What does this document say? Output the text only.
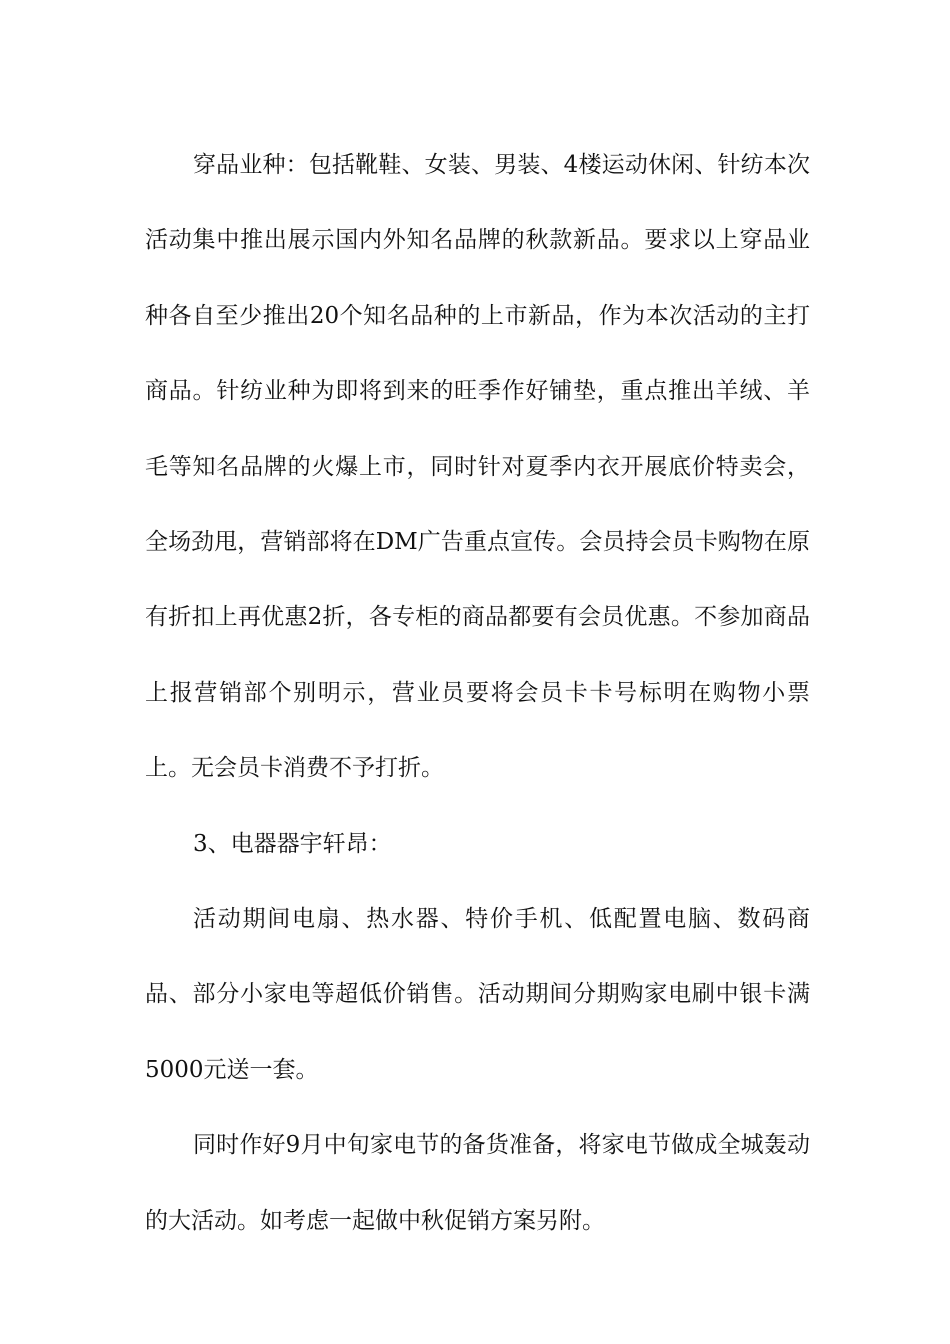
穿品业种：包括靴鞋、女装、男装、4楼运动休闲、针纺本次活动集中推出展示国内外知名品牌的秋款新品。要求以上穿品业种各自至少推出20个知名品种的上市新品，作为本次活动的主打商品。针纺业种为即将到来的旺季作好铺垫，重点推出羊绒、羊毛等知名品牌的火爆上市，同时针对夏季内衣开展底价特卖会，全场劲甩，营销部将在DM广告重点宣传。会员持会员卡购物在原有折扣上再优惠2折，各专柜的商品都要有会员优惠。不参加商品上报营销部个别明示，营业员要将会员卡卡号标明在购物小票上。无会员卡消费不予打折。

3、电器器宇轩昂：

活动期间电扇、热水器、特价手机、低配置电脑、数码商品、部分小家电等超低价销售。活动期间分期购家电刷中银卡满5000元送一套。

同时作好9月中旬家电节的备货准备，将家电节做成全城轰动的大活动。如考虑一起做中秋促销方案另附。
